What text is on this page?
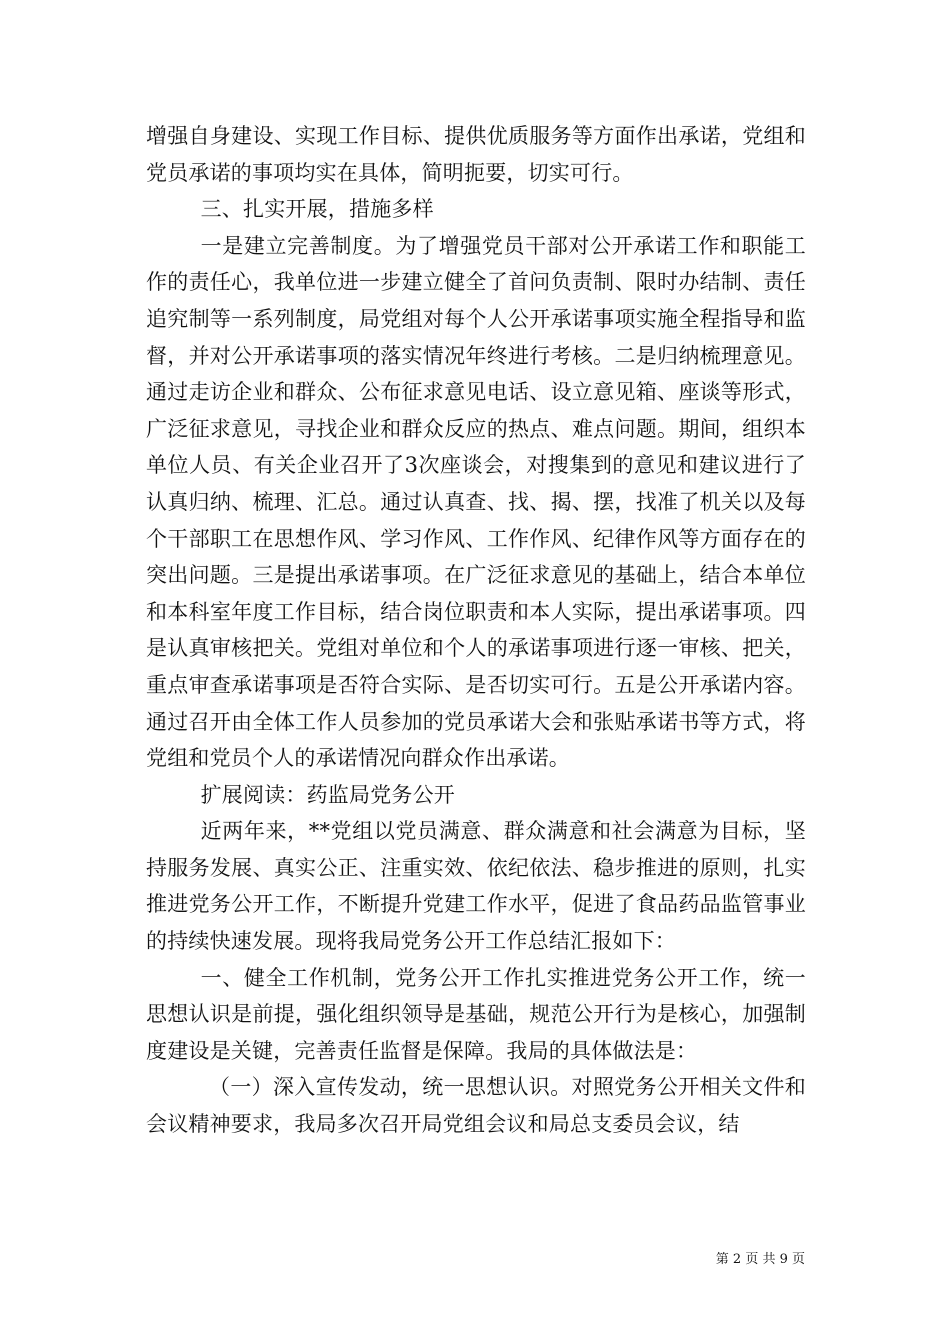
增强自身建设、实现工作目标、提供优质服务等方面作出承诺，党组和党员承诺的事项均实在具体，简明扼要，切实可行。

三、扎实开展，措施多样

一是建立完善制度。为了增强党员干部对公开承诺工作和职能工作的责任心，我单位进一步建立健全了首问负责制、限时办结制、责任追究制等一系列制度，局党组对每个人公开承诺事项实施全程指导和监督，并对公开承诺事项的落实情况年终进行考核。二是归纳梳理意见。通过走访企业和群众、公布征求意见电话、设立意见箱、座谈等形式，广泛征求意见，寻找企业和群众反应的热点、难点问题。期间，组织本单位人员、有关企业召开了3次座谈会，对搜集到的意见和建议进行了认真归纳、梳理、汇总。通过认真查、找、揭、摆，找准了机关以及每个干部职工在思想作风、学习作风、工作作风、纪律作风等方面存在的突出问题。三是提出承诺事项。在广泛征求意见的基础上，结合本单位和本科室年度工作目标，结合岗位职责和本人实际，提出承诺事项。四是认真审核把关。党组对单位和个人的承诺事项进行逐一审核、把关，重点审查承诺事项是否符合实际、是否切实可行。五是公开承诺内容。通过召开由全体工作人员参加的党员承诺大会和张贴承诺书等方式，将党组和党员个人的承诺情况向群众作出承诺。

扩展阅读：药监局党务公开

近两年来，**党组以党员满意、群众满意和社会满意为目标，坚持服务发展、真实公正、注重实效、依纪依法、稳步推进的原则，扎实推进党务公开工作，不断提升党建工作水平，促进了食品药品监管事业的持续快速发展。现将我局党务公开工作总结汇报如下：

一、健全工作机制，党务公开工作扎实推进党务公开工作，统一思想认识是前提，强化组织领导是基础，规范公开行为是核心，加强制度建设是关键，完善责任监督是保障。我局的具体做法是：

（一）深入宣传发动，统一思想认识。对照党务公开相关文件和会议精神要求，我局多次召开局党组会议和局总支委员会议，结

第 2 页 共 9 页
